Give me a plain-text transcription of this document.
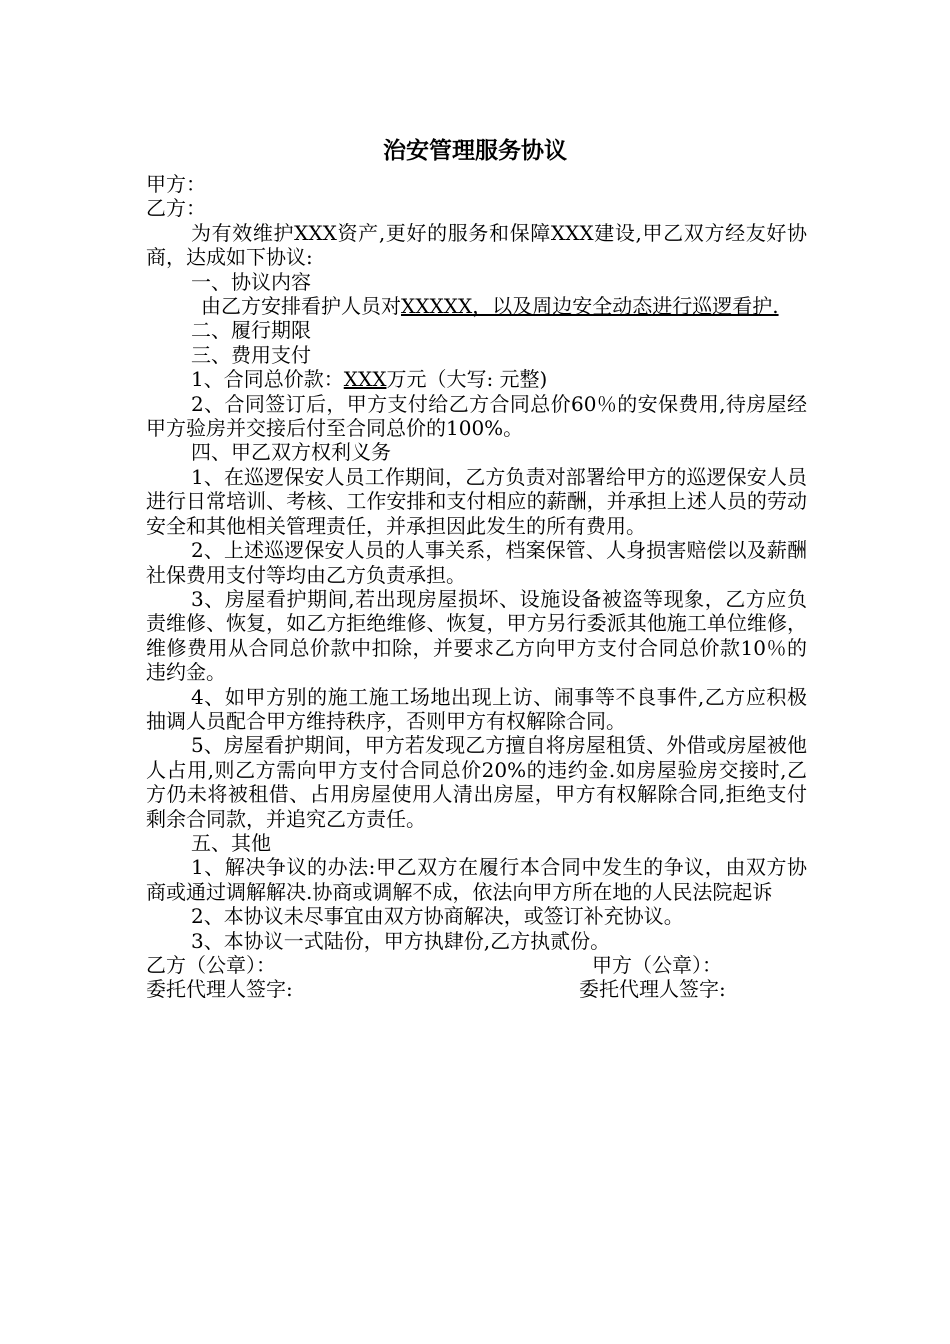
治安管理服务协议

甲方：

乙方：

为有效维护XXX资产,更好的服务和保障XXX建设,甲乙双方经友好协商，达成如下协议:

一、协议内容

由乙方安排看护人员对XXXXX，以及周边安全动态进行巡逻看护.

二、履行期限

三、费用支付

1、合同总价款：XXX万元（大写: 元整)

2、合同签订后，甲方支付给乙方合同总价60％的安保费用,待房屋经甲方验房并交接后付至合同总价的100%。

四、甲乙双方权利义务

1、在巡逻保安人员工作期间，乙方负责对部署给甲方的巡逻保安人员进行日常培训、考核、工作安排和支付相应的薪酬，并承担上述人员的劳动安全和其他相关管理责任，并承担因此发生的所有费用。

2、上述巡逻保安人员的人事关系，档案保管、人身损害赔偿以及薪酬社保费用支付等均由乙方负责承担。

3、房屋看护期间,若出现房屋损坏、设施设备被盗等现象，乙方应负责维修、恢复，如乙方拒绝维修、恢复，甲方另行委派其他施工单位维修，维修费用从合同总价款中扣除，并要求乙方向甲方支付合同总价款10％的违约金。

4、如甲方别的施工施工场地出现上访、闹事等不良事件,乙方应积极抽调人员配合甲方维持秩序，否则甲方有权解除合同。

5、房屋看护期间，甲方若发现乙方擅自将房屋租赁、外借或房屋被他人占用,则乙方需向甲方支付合同总价20%的违约金.如房屋验房交接时,乙方仍未将被租借、占用房屋使用人清出房屋，甲方有权解除合同,拒绝支付剩余合同款，并追究乙方责任。

五、其他

1、解决争议的办法:甲乙双方在履行本合同中发生的争议，由双方协商或通过调解解决.协商或调解不成，依法向甲方所在地的人民法院起诉

2、本协议未尽事宜由双方协商解决，或签订补充协议。

3、本协议一式陆份，甲方执肆份,乙方执贰份。

乙方（公章）：	甲方（公章）：
委托代理人签字:	委托代理人签字:
